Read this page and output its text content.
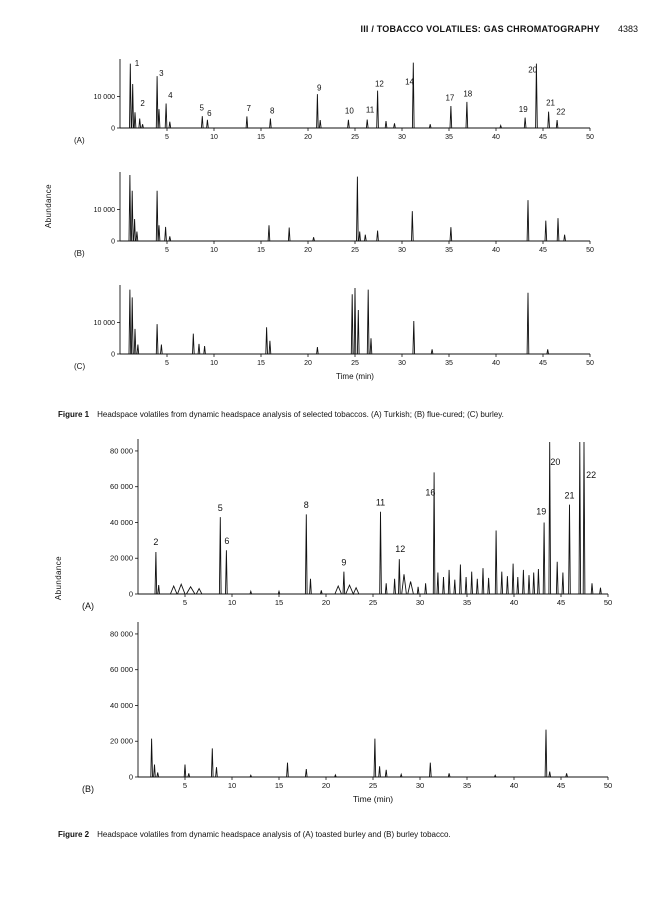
III / TOBACCO VOLATILES: GAS CHROMATOGRAPHY 4383
Abundance
5	10	15	20	25	30	35	40	45	50
0
10 000
1
2
3
4
5
6
7 8
9
10 11
12	14
17 18
19
20
21
22
(A)
5	10	15	20	25	30	35	40	45	50
0
10 000
(B)
5	10	15	20	25	30	35	40	45	50
0
10 000
(C)
Time (min)

Figure 1 Headspace volatiles from dynamic headspace analysis of selected tobaccos. (A) Turkish; (B) flue-cured; (C) burley.

Abundance
5	10	15	20	25	30	35	40	45	50
0
20 000
40 000
60 000
80 000
2
5
6
8
9
11
12
16
19
20
21
22
(A)
5	10	15	20	25	30	35	40	45	50
0
20 000
40 000
60 000
80 000
(B)
Time (min)

Figure 2 Headspace volatiles from dynamic headspace analysis of (A) toasted burley and (B) burley tobacco.
